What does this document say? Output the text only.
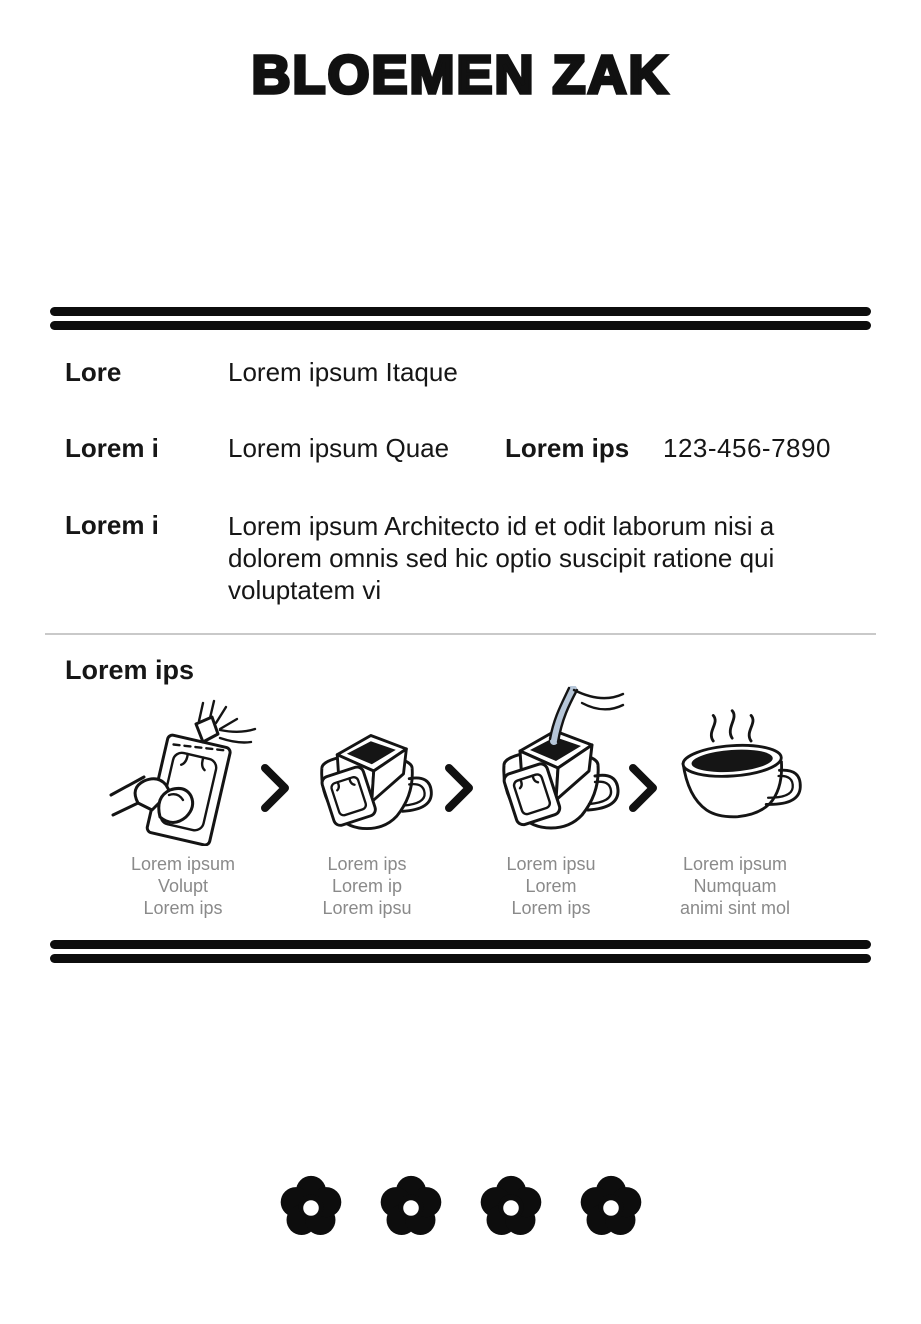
BLOEMEN ZAK
Lore	Lorem ipsum Itaque
Lorem i	Lorem ipsum Quae	Lorem ips	123-456-7890
Lorem i	Lorem ipsum Architecto id et odit laborum nisi a dolorem omnis sed hic optio suscipit ratione qui voluptatem vi
Lorem ips
Lorem ipsum
Volupt
Lorem ips
Lorem ips
Lorem ip
Lorem ipsu
Lorem ipsu
Lorem
Lorem ips
Lorem ipsum
Numquam
animi sint mol
